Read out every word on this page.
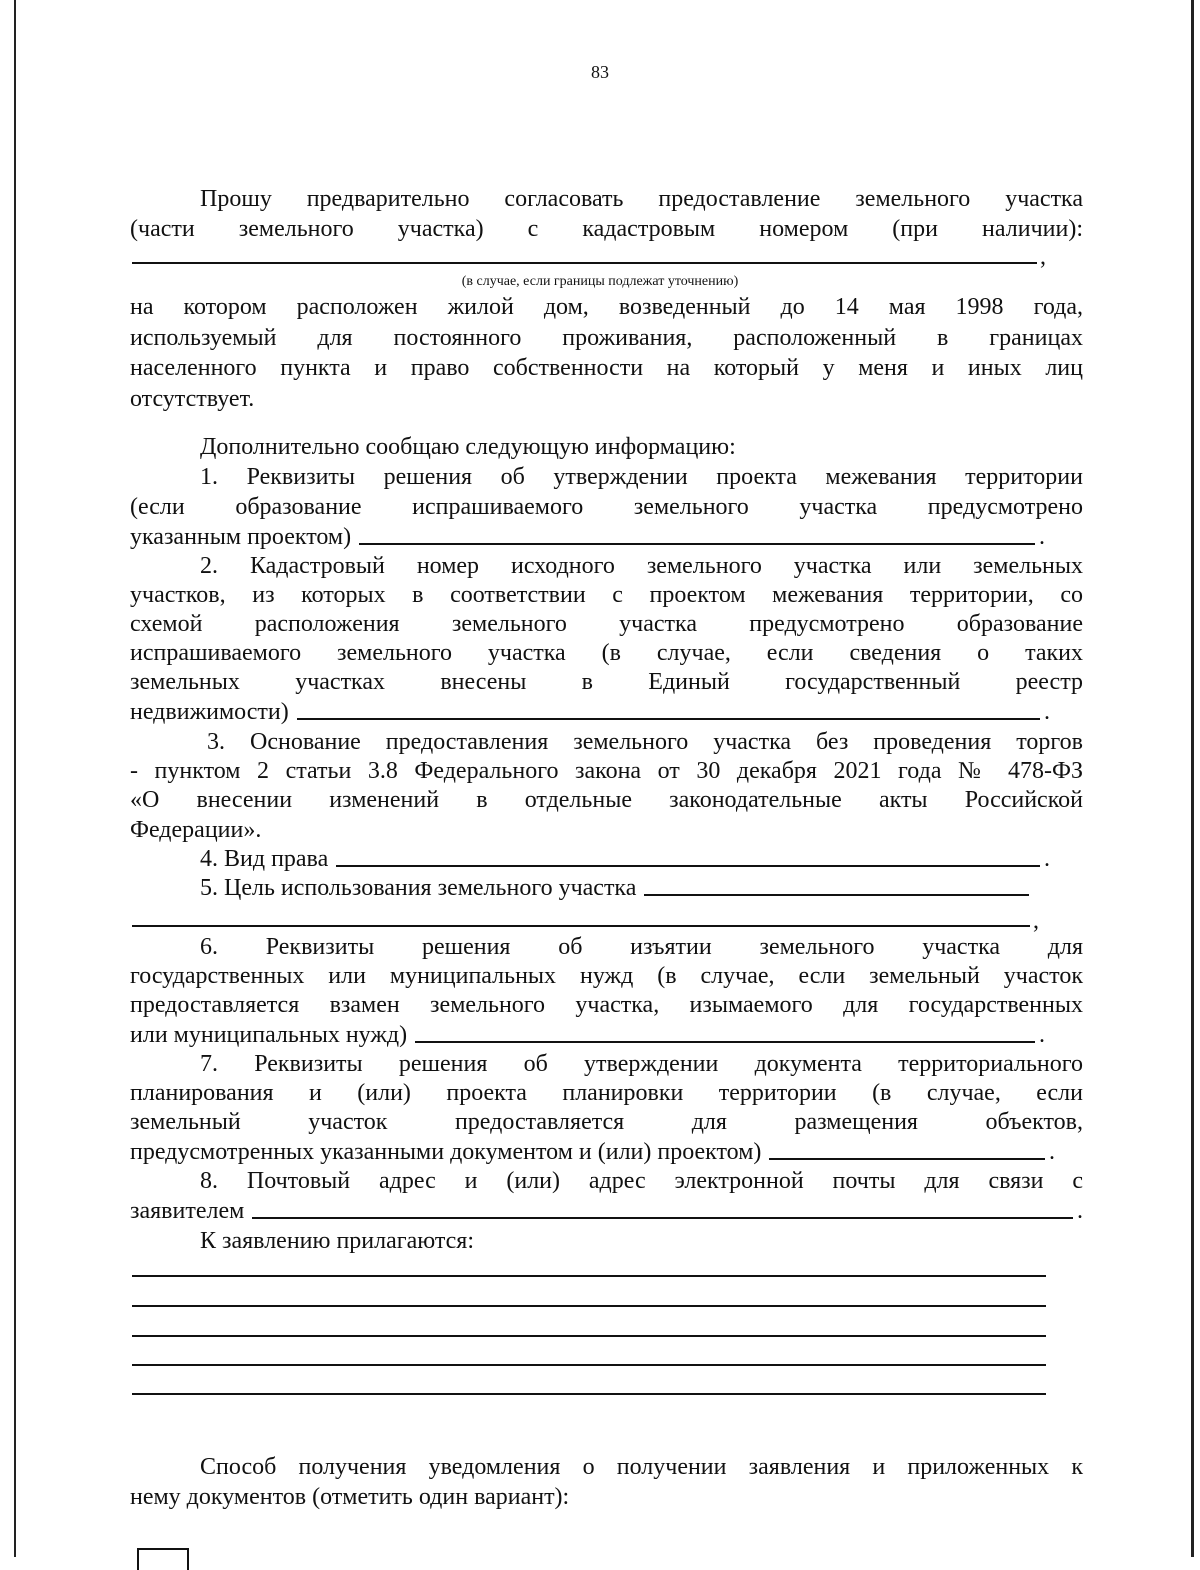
83
Прошу предварительно согласовать предоставление земельного участка
(части земельного участка) с кадастровым номером (при наличии):
,
(в случае, если границы подлежат уточнению)
на котором расположен жилой дом, возведенный до 14 мая 1998 года,
используемый для постоянного проживания, расположенный в границах
населенного пункта и право собственности на который у меня и иных лиц
отсутствует.
Дополнительно сообщаю следующую информацию:
1. Реквизиты решения об утверждении проекта межевания территории
(если образование испрашиваемого земельного участка предусмотрено
указанным проектом)	.
2. Кадастровый номер исходного земельного участка или земельных
участков, из которых в соответствии с проектом межевания территории, со
схемой расположения земельного участка предусмотрено образование
испрашиваемого земельного участка (в случае, если сведения о таких
земельных участках внесены в Единый государственный реестр
недвижимости)	.
3. Основание предоставления земельного участка без проведения торгов
- пунктом 2 статьи 3.8 Федерального закона от 30 декабря 2021 года № 478-ФЗ
«О внесении изменений в отдельные законодательные акты Российской
Федерации».
4. Вид права	.
5. Цель использования земельного участка
,
6. Реквизиты решения об изъятии земельного участка для
государственных или муниципальных нужд (в случае, если земельный участок
предоставляется взамен земельного участка, изымаемого для государственных
или муниципальных нужд)	.
7. Реквизиты решения об утверждении документа территориального
планирования и (или) проекта планировки территории (в случае, если
земельный участок предоставляется для размещения объектов,
предусмотренных указанными документом и (или) проектом)	.
8. Почтовый адрес и (или) адрес электронной почты для связи с
заявителем	.
К заявлению прилагаются:
Способ получения уведомления о получении заявления и приложенных к
нему документов (отметить один вариант):
